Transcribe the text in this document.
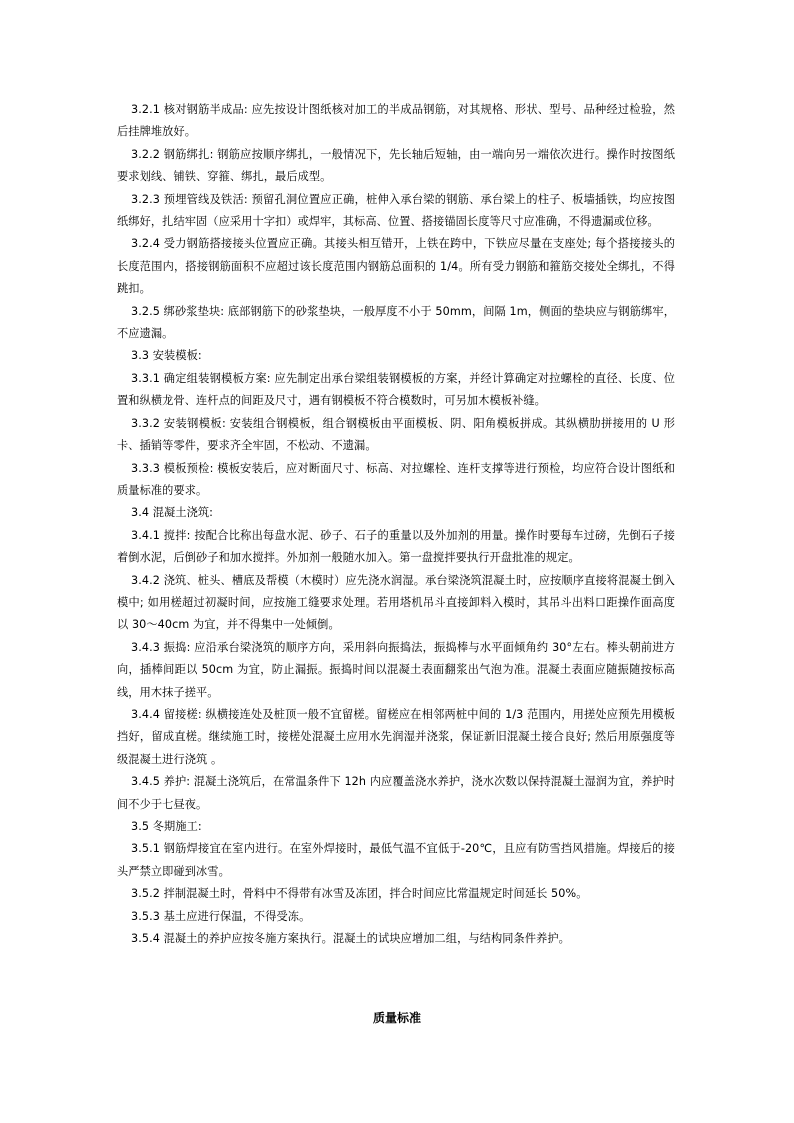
3.2.1 核对钢筋半成品: 应先按设计图纸核对加工的半成品钢筋，对其规格、形状、型号、品种经过检验，然后挂牌堆放好。

3.2.2 钢筋绑扎: 钢筋应按顺序绑扎，一般情况下，先长轴后短轴，由一端向另一端依次进行。操作时按图纸要求划线、铺铁、穿箍、绑扎，最后成型。

3.2.3 预埋管线及铁活: 预留孔洞位置应正确，桩伸入承台梁的钢筋、承台梁上的柱子、板墙插铁，均应按图纸绑好，扎结牢固（应采用十字扣）或焊牢，其标高、位置、搭接锚固长度等尺寸应准确，不得遗漏或位移。

3.2.4 受力钢筋搭接接头位置应正确。其接头相互错开，上铁在跨中，下铁应尽量在支座处; 每个搭接接头的长度范围内，搭接钢筋面积不应超过该长度范围内钢筋总面积的 1/4。所有受力钢筋和箍筋交接处全绑扎，不得跳扣。

3.2.5 绑砂浆垫块: 底部钢筋下的砂浆垫块，一般厚度不小于 50mm，间隔 1m，侧面的垫块应与钢筋绑牢，不应遗漏。

3.3 安装模板:

3.3.1 确定组装钢模板方案: 应先制定出承台梁组装钢模板的方案，并经计算确定对拉螺栓的直径、长度、位置和纵横龙骨、连杆点的间距及尺寸，遇有钢模板不符合模数时，可另加木模板补缝。

3.3.2 安装钢模板: 安装组合钢模板，组合钢模板由平面模板、阴、阳角模板拼成。其纵横肋拼接用的 U 形卡、插销等零件，要求齐全牢固，不松动、不遗漏。

3.3.3 模板预检: 模板安装后，应对断面尺寸、标高、对拉螺栓、连杆支撑等进行预检，均应符合设计图纸和质量标准的要求。

3.4 混凝土浇筑:

3.4.1 搅拌: 按配合比称出每盘水泥、砂子、石子的重量以及外加剂的用量。操作时要每车过磅，先倒石子接着倒水泥，后倒砂子和加水搅拌。外加剂一般随水加入。第一盘搅拌要执行开盘批准的规定。

3.4.2 浇筑、桩头、槽底及帮模（木模时）应先浇水润湿。承台梁浇筑混凝土时，应按顺序直接将混凝土倒入模中; 如用槎超过初凝时间，应按施工缝要求处理。若用塔机吊斗直接卸料入模时，其吊斗出料口距操作面高度以 30～40cm 为宜，并不得集中一处倾倒。

3.4.3 振捣: 应沿承台梁浇筑的顺序方向，采用斜向振捣法，振捣棒与水平面倾角约 30°左右。棒头朝前进方向，插棒间距以 50cm 为宜，防止漏振。振捣时间以混凝土表面翻浆出气泡为准。混凝土表面应随振随按标高线，用木抹子搓平。

3.4.4 留接槎: 纵横接连处及桩顶一般不宜留槎。留槎应在相邻两桩中间的 1/3 范围内，用搓处应预先用模板挡好，留成直槎。继续施工时，接槎处混凝土应用水先润湿并浇浆，保证新旧混凝土接合良好; 然后用原强度等级混凝土进行浇筑 。

3.4.5 养护: 混凝土浇筑后，在常温条件下 12h 内应覆盖浇水养护，浇水次数以保持混凝土湿润为宜，养护时间不少于七昼夜。

3.5 冬期施工:

3.5.1 钢筋焊接宜在室内进行。在室外焊接时，最低气温不宜低于-20℃，且应有防雪挡风措施。焊接后的接头严禁立即碰到冰雪。

3.5.2 拌制混凝土时，骨料中不得带有冰雪及冻团，拌合时间应比常温规定时间延长 50%。

3.5.3 基土应进行保温，不得受冻。

3.5.4 混凝土的养护应按冬施方案执行。混凝土的试块应增加二组，与结构同条件养护。

质量标准
